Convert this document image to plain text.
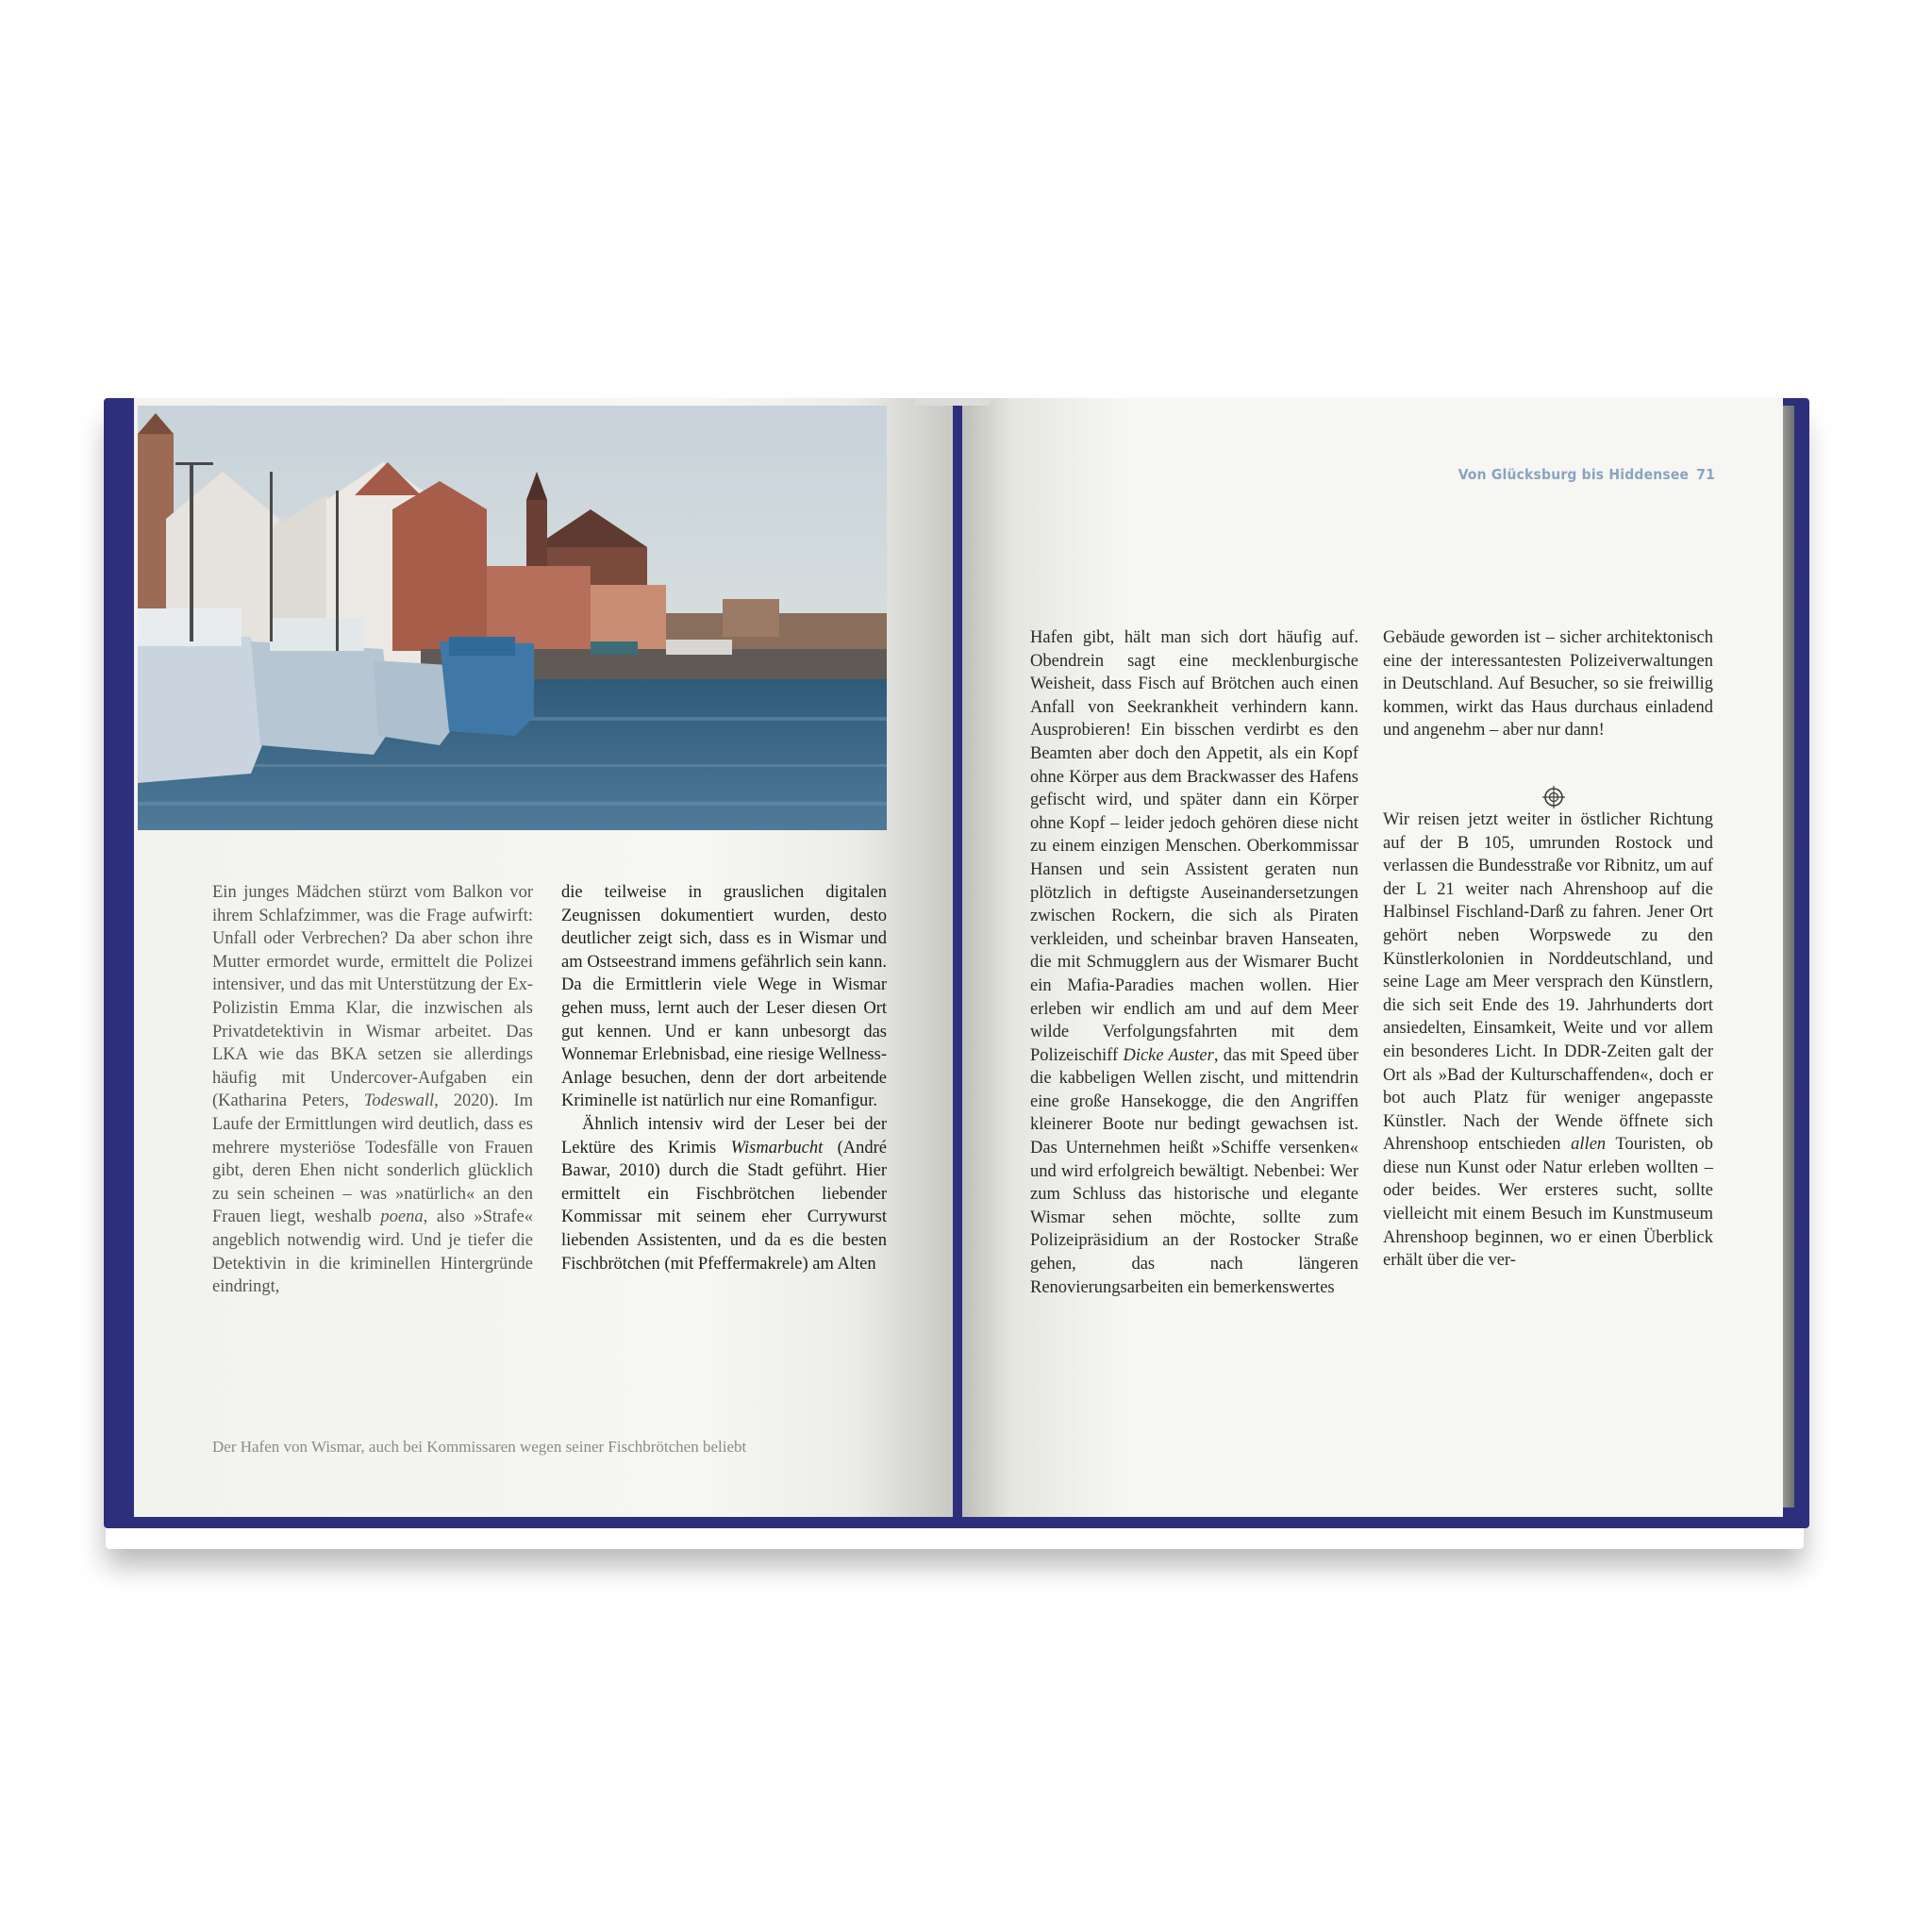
Der Hafen von Wismar, auch bei Kommissaren wegen seiner Fischbrötchen beliebt

Ein junges Mädchen stürzt vom Balkon vor ihrem Schlafzimmer, was die Frage aufwirft: Unfall oder Verbrechen? Da aber schon ihre Mutter ermordet wurde, ermittelt die Polizei intensiver, und das mit Unterstützung der Ex-Polizistin Emma Klar, die inzwischen als Privatdetektivin in Wismar arbeitet. Das LKA wie das BKA setzen sie allerdings häufig mit Undercover-Aufgaben ein (Katharina Peters, Todeswall, 2020). Im Laufe der Ermittlungen wird deutlich, dass es mehrere mysteriöse Todesfälle von Frauen gibt, deren Ehen nicht sonderlich glücklich zu sein scheinen – was »natürlich« an den Frauen liegt, weshalb poena, also »Strafe« angeblich notwendig wird. Und je tiefer die Detektivin in die kriminellen Hintergründe eindringt,

die teilweise in grauslichen digitalen Zeugnissen dokumentiert wurden, desto deutlicher zeigt sich, dass es in Wismar und am Ostseestrand immens gefährlich sein kann. Da die Ermittlerin viele Wege in Wismar gehen muss, lernt auch der Leser diesen Ort gut kennen. Und er kann unbesorgt das Wonnemar Erlebnisbad, eine riesige Wellness-Anlage besuchen, denn der dort arbeitende Kriminelle ist natürlich nur eine Romanfigur.

Ähnlich intensiv wird der Leser bei der Lektüre des Krimis Wismarbucht (André Bawar, 2010) durch die Stadt geführt. Hier ermittelt ein Fischbrötchen liebender Kommissar mit seinem eher Currywurst liebenden Assistenten, und da es die besten Fischbrötchen (mit Pfeffermakrele) am Alten

Von Glücksburg bis Hiddensee 71

Hafen gibt, hält man sich dort häufig auf. Obendrein sagt eine mecklenburgische Weisheit, dass Fisch auf Brötchen auch einen Anfall von Seekrankheit verhindern kann. Ausprobieren! Ein bisschen verdirbt es den Beamten aber doch den Appetit, als ein Kopf ohne Körper aus dem Brackwasser des Hafens gefischt wird, und später dann ein Körper ohne Kopf – leider jedoch gehören diese nicht zu einem einzigen Menschen. Oberkommissar Hansen und sein Assistent geraten nun plötzlich in deftigste Auseinandersetzungen zwischen Rockern, die sich als Piraten verkleiden, und scheinbar braven Hanseaten, die mit Schmugglern aus der Wismarer Bucht ein Mafia-Paradies machen wollen. Hier erleben wir endlich am und auf dem Meer wilde Verfolgungsfahrten mit dem Polizeischiff Dicke Auster, das mit Speed über die kabbeligen Wellen zischt, und mittendrin eine große Hansekogge, die den Angriffen kleinerer Boote nur bedingt gewachsen ist. Das Unternehmen heißt »Schiffe versenken« und wird erfolgreich bewältigt. Nebenbei: Wer zum Schluss das historische und elegante Wismar sehen möchte, sollte zum Polizeipräsidium an der Rostocker Straße gehen, das nach längeren Renovierungsarbeiten ein bemerkenswertes

Gebäude geworden ist – sicher architektonisch eine der interessantesten Polizeiverwaltungen in Deutschland. Auf Besucher, so sie freiwillig kommen, wirkt das Haus durchaus einladend und angenehm – aber nur dann!

Wir reisen jetzt weiter in östlicher Richtung auf der B 105, umrunden Rostock und verlassen die Bundesstraße vor Ribnitz, um auf der L 21 weiter nach Ahrenshoop auf die Halbinsel Fischland-Darß zu fahren. Jener Ort gehört neben Worpswede zu den Künstlerkolonien in Norddeutschland, und seine Lage am Meer versprach den Künstlern, die sich seit Ende des 19. Jahrhunderts dort ansiedelten, Einsamkeit, Weite und vor allem ein besonderes Licht. In DDR-Zeiten galt der Ort als »Bad der Kulturschaffenden«, doch er bot auch Platz für weniger angepasste Künstler. Nach der Wende öffnete sich Ahrenshoop entschieden allen Touristen, ob diese nun Kunst oder Natur erleben wollten – oder beides. Wer ersteres sucht, sollte vielleicht mit einem Besuch im Kunstmuseum Ahrenshoop beginnen, wo er einen Überblick erhält über die ver-
